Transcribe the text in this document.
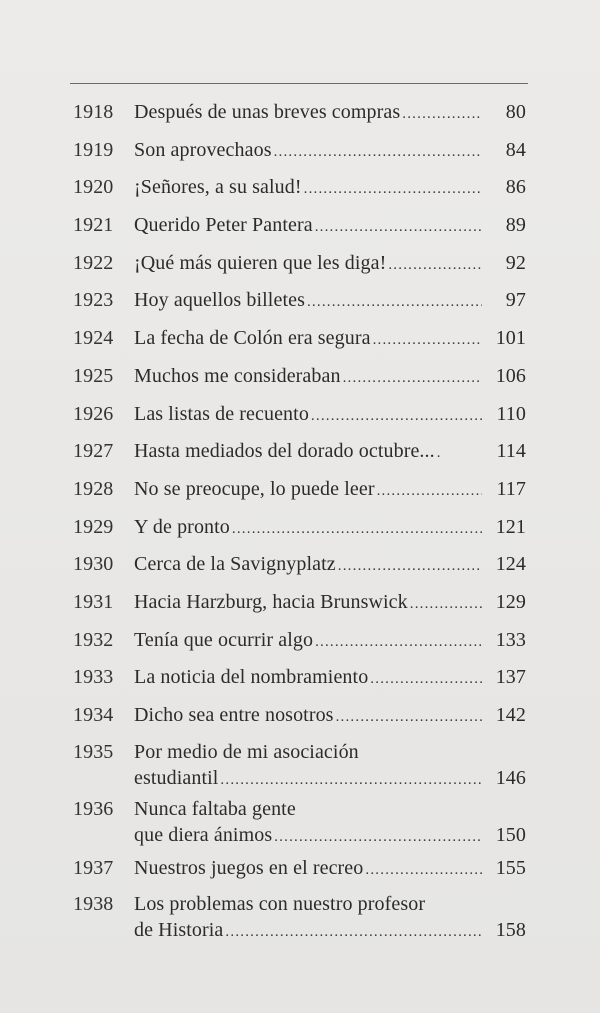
1918	Después de unas breves compras .....	80
1919	Son aprovechaos .....	84
1920	¡Señores, a su salud! .....	86
1921	Querido Peter Pantera .....	89
1922	¡Qué más quieren que les diga! .....	92
1923	Hoy aquellos billetes .....	97
1924	La fecha de Colón era segura .....	101
1925	Muchos me consideraban .....	106
1926	Las listas de recuento .....	110
1927	Hasta mediados del dorado octubre... .....	114
1928	No se preocupe, lo puede leer .....	117
1929	Y de pronto .....	121
1930	Cerca de la Savignyplatz .....	124
1931	Hacia Harzburg, hacia Brunswick .....	129
1932	Tenía que ocurrir algo .....	133
1933	La noticia del nombramiento .....	137
1934	Dicho sea entre nosotros .....	142
1935	Por medio de mi asociación
estudiantil .....	146
1936	Nunca faltaba gente
que diera ánimos .....	150
1937	Nuestros juegos en el recreo .....	155
1938	Los problemas con nuestro profesor
de Historia .....	158
